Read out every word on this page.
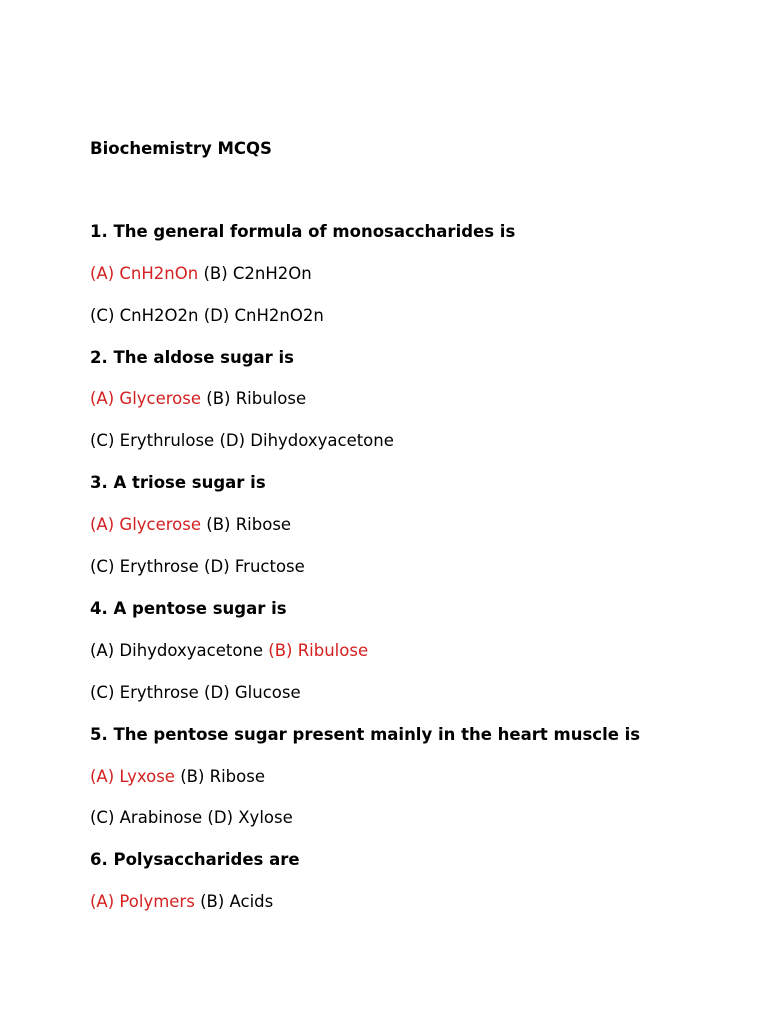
Biochemistry MCQS
1. The general formula of monosaccharides is
(A) CnH2nOn (B) C2nH2On
(C) CnH2O2n (D) CnH2nO2n
2. The aldose sugar is
(A) Glycerose (B) Ribulose
(C) Erythrulose (D) Dihydoxyacetone
3. A triose sugar is
(A) Glycerose (B) Ribose
(C) Erythrose (D) Fructose
4. A pentose sugar is
(A) Dihydoxyacetone (B) Ribulose
(C) Erythrose (D) Glucose
5. The pentose sugar present mainly in the heart muscle is
(A) Lyxose (B) Ribose
(C) Arabinose (D) Xylose
6. Polysaccharides are
(A) Polymers (B) Acids
